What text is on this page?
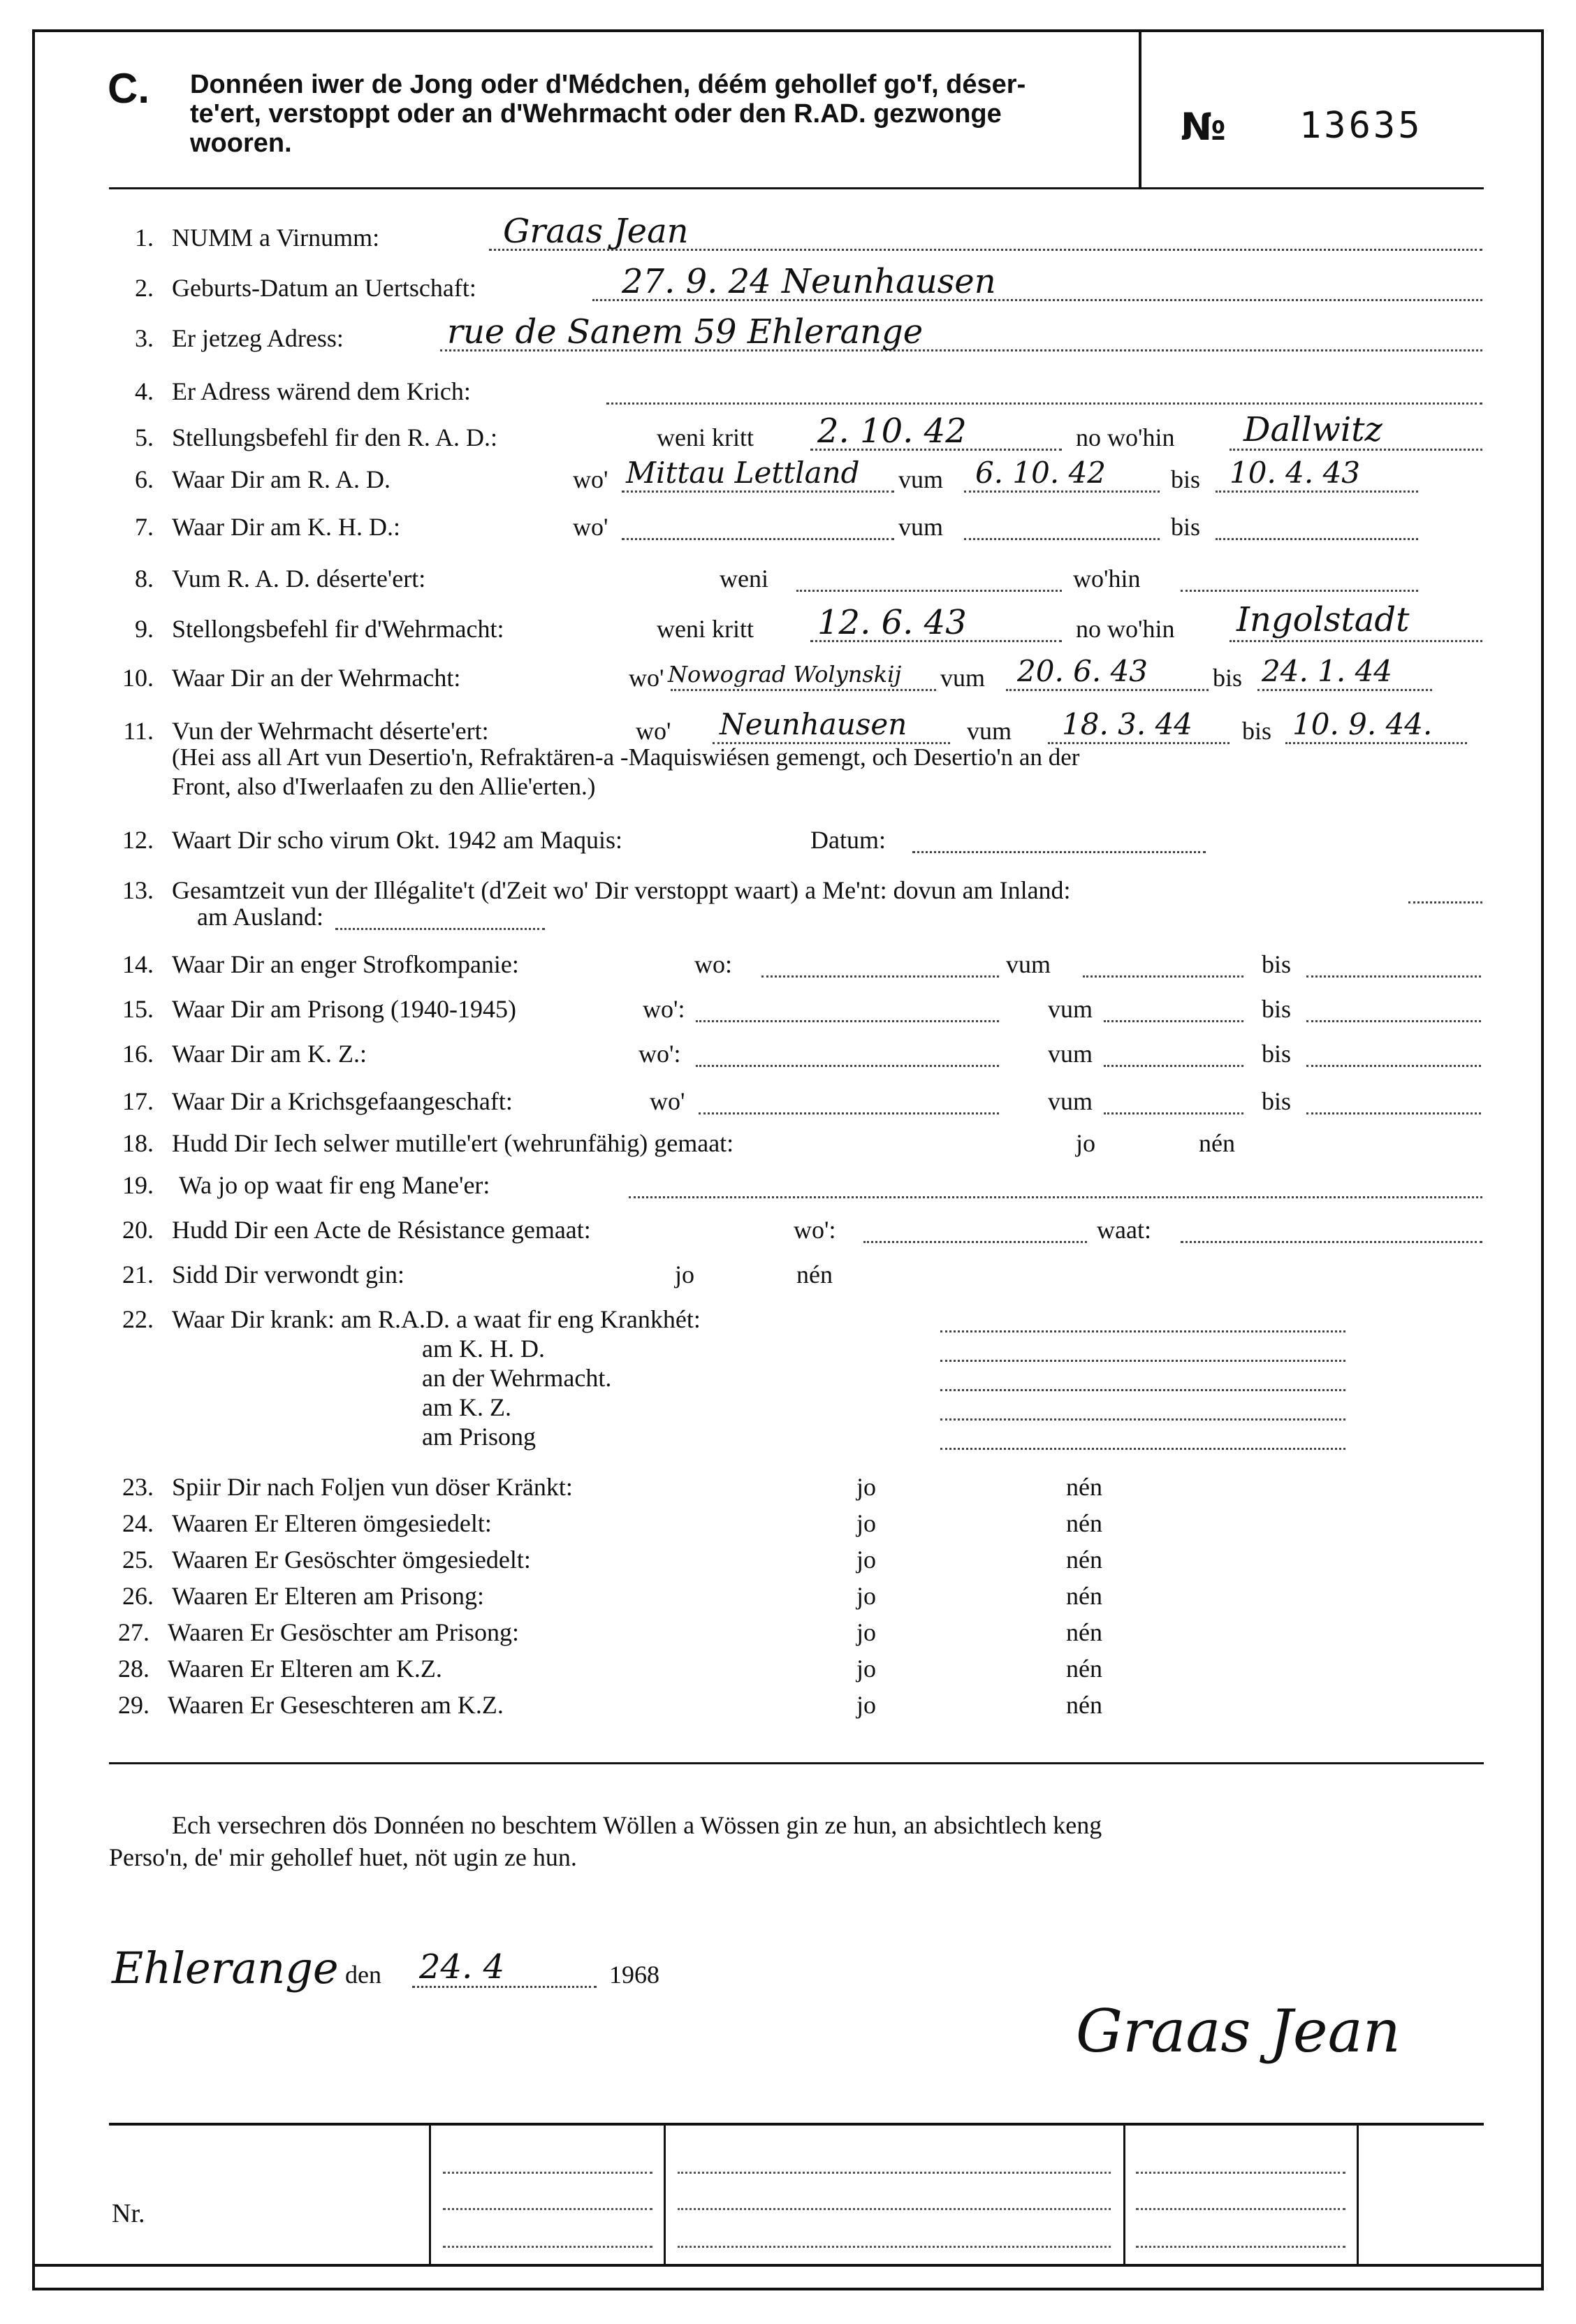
C. Donnéen iwer de Jong oder d'Médchen, déém gehollef go'f, déser-
te'ert, verstoppt oder an d'Wehrmacht oder den R.AD. gezwonge
wooren.	№ 13635
1. NUMM a Virnumm:	Graas Jean
2. Geburts-Datum an Uertschaft:	27. 9. 24 Neunhausen
3. Er jetzeg Adress:	rue de Sanem 59 Ehlerange
4. Er Adress wärend dem Krich:
5. Stellungsbefehl fir den R. A. D.:	weni kritt 2. 10. 42	no wo'hin Dallwitz
6. Waar Dir am R. A. D.	wo' Mittau Lettland vum 6. 10. 42	bis 10. 4. 43
7. Waar Dir am K. H. D.:	wo'	vum	bis
8. Vum R. A. D. déserte'ert:	weni	wo'hin
9. Stellongsbefehl fir d'Wehrmacht:	weni kritt 12. 6. 43	no wo'hin Ingolstadt
10. Waar Dir an der Wehrmacht:	wo' Nowograd Wolynskij vum 20. 6. 43	bis 24. 1. 44
11. Vun der Wehrmacht déserte'ert:	wo' Neunhausen vum 18. 3. 44 bis 10. 9. 44.
(Hei ass all Art vun Desertio'n, Refraktären-a -Maquiswiésen gemengt, och Desertio'n an der
Front, also d'Iwerlaafen zu den Allie'erten.)
12. Waart Dir scho virum Okt. 1942 am Maquis:	Datum:
13. Gesamtzeit vun der Illégalite't (d'Zeit wo' Dir verstoppt waart) a Me'nt: dovun am Inland:
am Ausland:
14. Waar Dir an enger Strofkompanie:	wo:	vum	bis
15. Waar Dir am Prisong (1940-1945)	wo':	vum	bis
16. Waar Dir am K. Z.:	wo':	vum	bis
17. Waar Dir a Krichsgefaangeschaft:	wo'	vum	bis
18. Hudd Dir Iech selwer mutille'ert (wehrunfähig) gemaat:	jo	nén
19. Wa jo op waat fir eng Mane'er:
20. Hudd Dir een Acte de Résistance gemaat:	wo':	waat:
21. Sidd Dir verwondt gin:	jo	nén
22. Waar Dir krank: am R.A.D. a waat fir eng Krankhét:
am K. H. D.
an der Wehrmacht.
am K. Z.
am Prisong
23. Spiir Dir nach Foljen vun döser Kränkt:	jo	nén
24. Waaren Er Elteren ömgesiedelt:	jo	nén
25. Waaren Er Gesöschter ömgesiedelt:	jo	nén
26. Waaren Er Elteren am Prisong:	jo	nén
27. Waaren Er Gesöschter am Prisong:	jo	nén
28. Waaren Er Elteren am K.Z.	jo	nén
29. Waaren Er Geseschteren am K.Z.	jo	nén
Ech versechren dös Donnéen no beschtem Wöllen a Wössen gin ze hun, an absichtlech keng
Perso'n, de' mir gehollef huet, nöt ugin ze hun.
Ehlerange den 24. 4	1968
Graas Jean
Nr.
